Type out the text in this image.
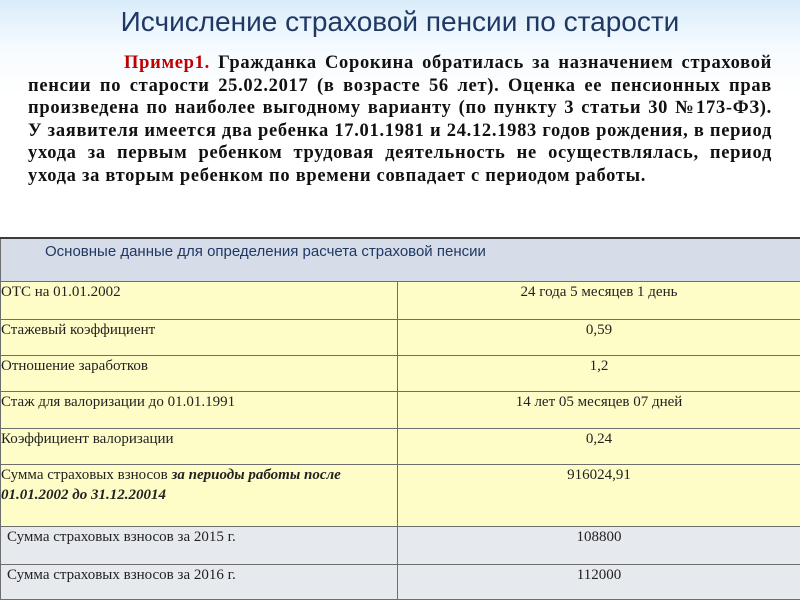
Исчисление страховой пенсии по старости
Пример1. Гражданка Сорокина обратилась за назначением страховой пенсии по старости 25.02.2017 (в возрасте 56 лет). Оценка ее пенсионных прав произведена по наиболее выгодному варианту (по пункту 3 статьи 30 №173-ФЗ). У заявителя имеется два ребенка 17.01.1981 и 24.12.1983 годов рождения, в период ухода за первым ребенком трудовая деятельность не осуществлялась, период ухода за вторым ребенком по времени совпадает с периодом работы.
Основные данные для определения расчета страховой пенсии	
ОТС на 01.01.2002	24 года 5 месяцев 1 день
Стажевый коэффициент	0,59
Отношение заработков	1,2
Стаж для валоризации до 01.01.1991	14 лет 05 месяцев 07 дней
Коэффициент валоризации	0,24
Сумма страховых взносов за периоды работы после 01.01.2002 до 31.12.20014	916024,91
Сумма страховых взносов за 2015 г.	108800
Сумма страховых взносов за 2016 г.	112000
